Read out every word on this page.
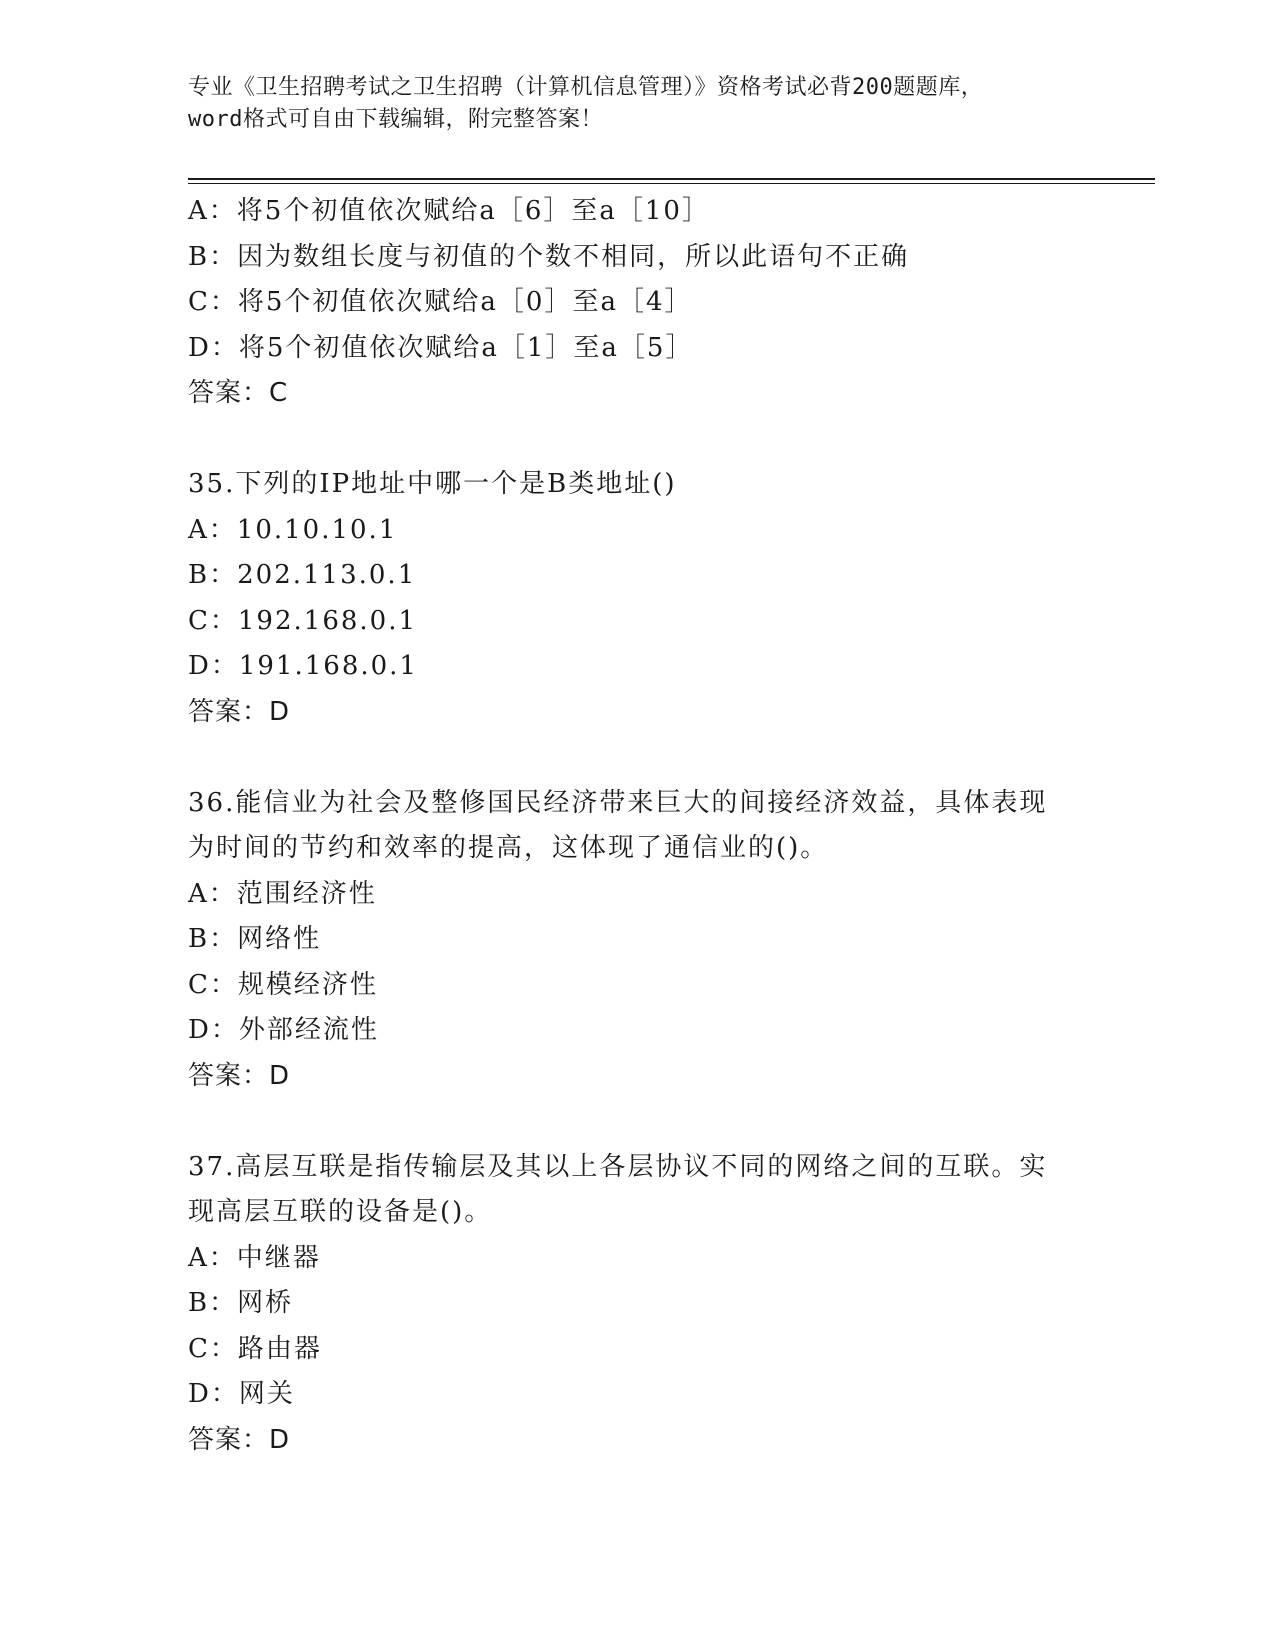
专业《卫生招聘考试之卫生招聘（计算机信息管理）》资格考试必背200题题库，
word格式可自由下载编辑，附完整答案！
A：将5个初值依次赋给a［6］至a［10］
B：因为数组长度与初值的个数不相同，所以此语句不正确
C：将5个初值依次赋给a［0］至a［4］
D：将5个初值依次赋给a［1］至a［5］
答案：C
35.下列的IP地址中哪一个是B类地址()
A：10.10.10.1
B：202.113.0.1
C：192.168.0.1
D：191.168.0.1
答案：D
36.能信业为社会及整修国民经济带来巨大的间接经济效益，具体表现
为时间的节约和效率的提高，这体现了通信业的()。
A：范围经济性
B：网络性
C：规模经济性
D：外部经流性
答案：D
37.高层互联是指传输层及其以上各层协议不同的网络之间的互联。实
现高层互联的设备是()。
A：中继器
B：网桥
C：路由器
D：网关
答案：D
